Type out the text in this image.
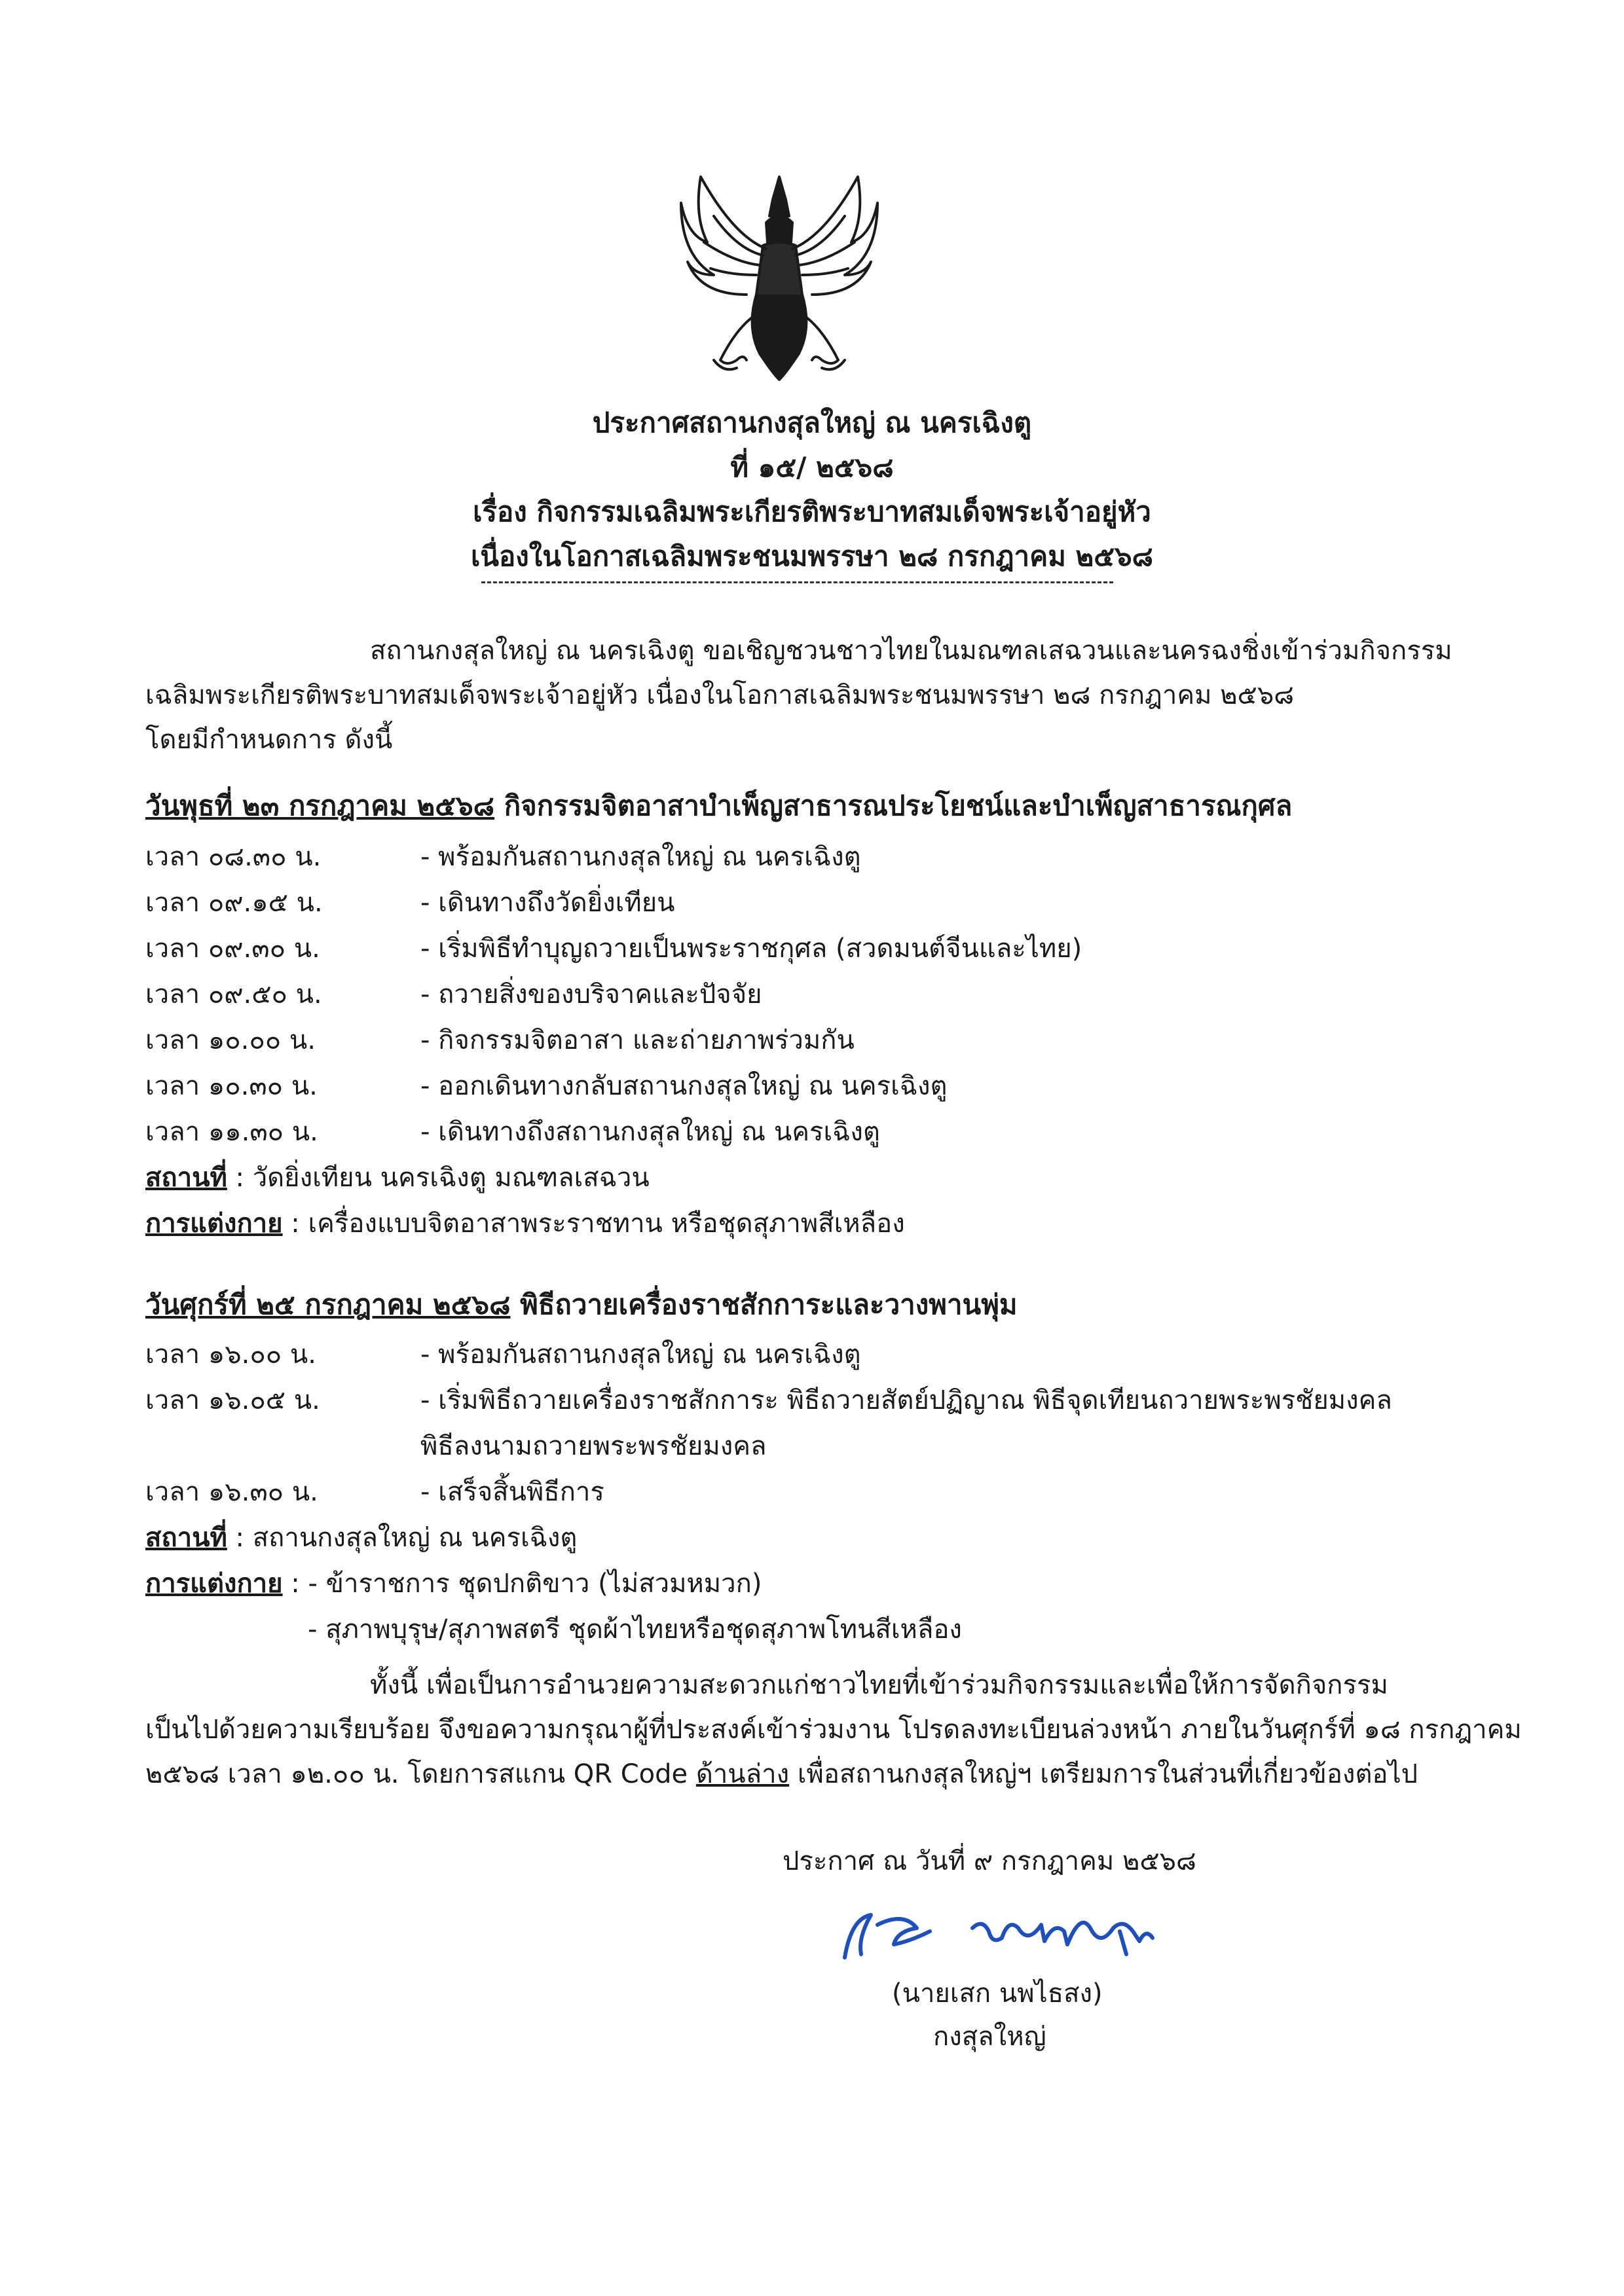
ประกาศสถานกงสุลใหญ่ ณ นครเฉิงตู
ที่ ๑๕/ ๒๕๖๘
เรื่อง กิจกรรมเฉลิมพระเกียรติพระบาทสมเด็จพระเจ้าอยู่หัว
เนื่องในโอกาสเฉลิมพระชนมพรรษา ๒๘ กรกฎาคม ๒๕๖๘
สถานกงสุลใหญ่ ณ นครเฉิงตู ขอเชิญชวนชาวไทยในมณฑลเสฉวนและนครฉงชิ่งเข้าร่วมกิจกรรม
เฉลิมพระเกียรติพระบาทสมเด็จพระเจ้าอยู่หัว เนื่องในโอกาสเฉลิมพระชนมพรรษา ๒๘ กรกฎาคม ๒๕๖๘
โดยมีกำหนดการ ดังนี้
วันพุธที่ ๒๓ กรกฎาคม ๒๕๖๘ กิจกรรมจิตอาสาบำเพ็ญสาธารณประโยชน์และบำเพ็ญสาธารณกุศล
เวลา ๐๘.๓๐ น.	- พร้อมกันสถานกงสุลใหญ่ ณ นครเฉิงตู
เวลา ๐๙.๑๕ น.	- เดินทางถึงวัดยิ่งเทียน
เวลา ๐๙.๓๐ น.	- เริ่มพิธีทำบุญถวายเป็นพระราชกุศล (สวดมนต์จีนและไทย)
เวลา ๐๙.๕๐ น.	- ถวายสิ่งของบริจาคและปัจจัย
เวลา ๑๐.๐๐ น.	- กิจกรรมจิตอาสา และถ่ายภาพร่วมกัน
เวลา ๑๐.๓๐ น.	- ออกเดินทางกลับสถานกงสุลใหญ่ ณ นครเฉิงตู
เวลา ๑๑.๓๐ น.	- เดินทางถึงสถานกงสุลใหญ่ ณ นครเฉิงตู
สถานที่ : วัดยิ่งเทียน นครเฉิงตู มณฑลเสฉวน
การแต่งกาย : เครื่องแบบจิตอาสาพระราชทาน หรือชุดสุภาพสีเหลือง
วันศุกร์ที่ ๒๕ กรกฎาคม ๒๕๖๘ พิธีถวายเครื่องราชสักการะและวางพานพุ่ม
เวลา ๑๖.๐๐ น.	- พร้อมกันสถานกงสุลใหญ่ ณ นครเฉิงตู
เวลา ๑๖.๐๕ น.	- เริ่มพิธีถวายเครื่องราชสักการะ พิธีถวายสัตย์ปฏิญาณ พิธีจุดเทียนถวายพระพรชัยมงคล
พิธีลงนามถวายพระพรชัยมงคล
เวลา ๑๖.๓๐ น.	- เสร็จสิ้นพิธีการ
สถานที่ : สถานกงสุลใหญ่ ณ นครเฉิงตู
การแต่งกาย : - ข้าราชการ ชุดปกติขาว (ไม่สวมหมวก)
- สุภาพบุรุษ/สุภาพสตรี ชุดผ้าไทยหรือชุดสุภาพโทนสีเหลือง
ทั้งนี้ เพื่อเป็นการอำนวยความสะดวกแก่ชาวไทยที่เข้าร่วมกิจกรรมและเพื่อให้การจัดกิจกรรม
เป็นไปด้วยความเรียบร้อย จึงขอความกรุณาผู้ที่ประสงค์เข้าร่วมงาน โปรดลงทะเบียนล่วงหน้า ภายในวันศุกร์ที่ ๑๘ กรกฎาคม
๒๕๖๘ เวลา ๑๒.๐๐ น. โดยการสแกน QR Code ด้านล่าง เพื่อสถานกงสุลใหญ่ฯ เตรียมการในส่วนที่เกี่ยวข้องต่อไป
ประกาศ ณ วันที่ ๙ กรกฎาคม ๒๕๖๘
(นายเสก นพไธสง)
กงสุลใหญ่
